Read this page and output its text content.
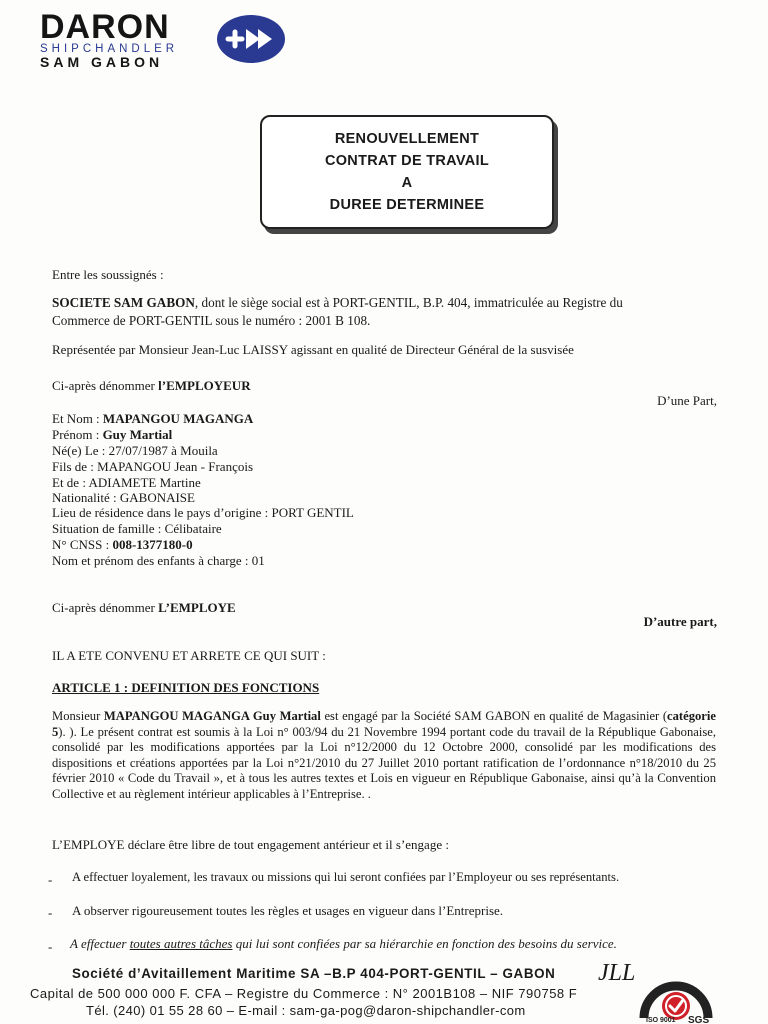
DARON
SHIPCHANDLER
SAM GABON
RENOUVELLEMENT
CONTRAT DE TRAVAIL
A
DUREE DETERMINEE
Entre les soussignés :
SOCIETE SAM GABON, dont le siège social est à PORT-GENTIL, B.P. 404, immatriculée au Registre du
Commerce de PORT-GENTIL sous le numéro : 2001 B 108.
Représentée par Monsieur Jean-Luc LAISSY agissant en qualité de Directeur Général de la susvisée
Ci-après dénommer l’EMPLOYEUR
D’une Part,
Et Nom : MAPANGOU MAGANGA
Prénom : Guy Martial
Né(e) Le : 27/07/1987 à Mouila
Fils de : MAPANGOU Jean - François
Et de : ADIAMETE Martine
Nationalité : GABONAISE
Lieu de résidence dans le pays d’origine : PORT GENTIL
Situation de famille : Célibataire
N° CNSS : 008-1377180-0
Nom et prénom des enfants à charge : 01
Ci-après dénommer L’EMPLOYE
D’autre part,
IL A ETE CONVENU ET ARRETE CE QUI SUIT :
ARTICLE 1 : DEFINITION DES FONCTIONS
Monsieur MAPANGOU MAGANGA Guy Martial est engagé par la Société SAM GABON en qualité de Magasinier (catégorie 5). ). Le présent contrat est soumis à la Loi n° 003/94 du 21 Novembre 1994 portant code du travail de la République Gabonaise, consolidé par les modifications apportées par la Loi n°12/2000 du 12 Octobre 2000, consolidé par les modifications des dispositions et créations apportées par la Loi n°21/2010 du 27 Juillet 2010 portant ratification de l’ordonnance n°18/2010 du 25 février 2010 « Code du Travail », et à tous les autres textes et Lois en vigueur en République Gabonaise, ainsi qu’à la Convention Collective et au règlement intérieur applicables à l’Entreprise. .
L’EMPLOYE déclare être libre de tout engagement antérieur et il s’engage :
- A effectuer loyalement, les travaux ou missions qui lui seront confiées par l’Employeur ou ses représentants.
- A observer rigoureusement toutes les règles et usages en vigueur dans l’Entreprise.
- A effectuer toutes autres tâches qui lui sont confiées par sa hiérarchie en fonction des besoins du service.
Société d’Avitaillement Maritime SA –B.P 404-PORT-GENTIL – GABON
Capital de 500 000 000 F. CFA – Registre du Commerce : N° 2001B108 – NIF 790758 F
Tél. (240) 01 55 28 60 – E-mail : sam-ga-pog@daron-shipchandler-com
JLL
ISO 9001 SGS
